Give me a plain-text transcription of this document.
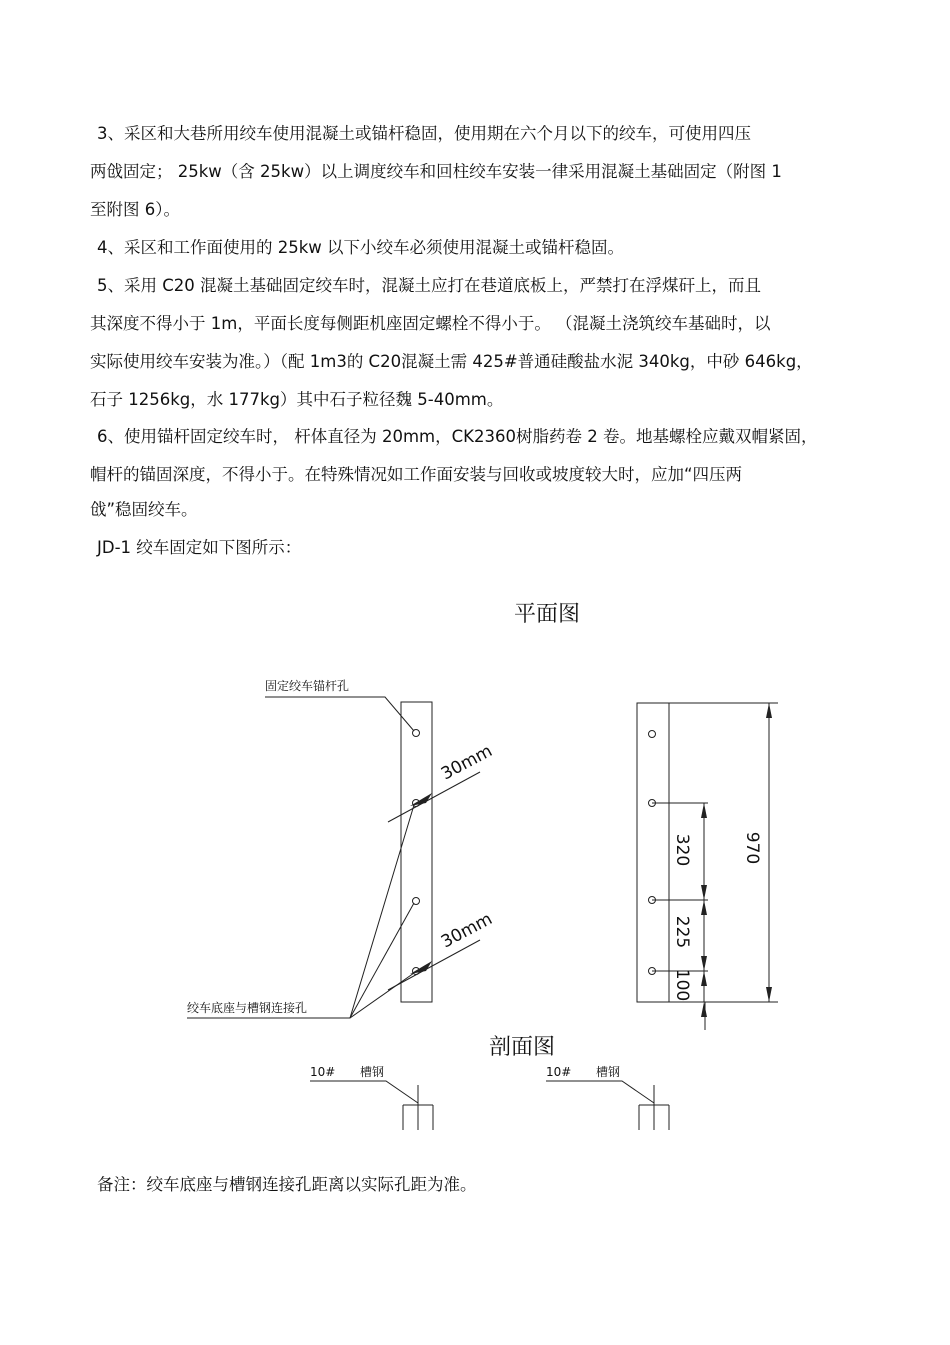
3、采区和大巷所用绞车使用混凝土或锚杆稳固，使用期在六个月以下的绞车，可使用四压
两戗固定； 25kw（含 25kw）以上调度绞车和回柱绞车安装一律采用混凝土基础固定（附图 1
至附图 6）。
4、采区和工作面使用的 25kw 以下小绞车必须使用混凝土或锚杆稳固。
5、采用 C20 混凝土基础固定绞车时，混凝土应打在巷道底板上，严禁打在浮煤矸上，而且
其深度不得小于 1m，平面长度每侧距机座固定螺栓不得小于。 （混凝土浇筑绞车基础时，以
实际使用绞车安装为准。）（配 1m3的 C20混凝土需 425#普通硅酸盐水泥 340kg，中砂 646kg，
石子 1256kg，水 177kg）其中石子粒径魏 5-40mm。
6、使用锚杆固定绞车时， 杆体直径为 20mm，CK2360树脂药卷 2 卷。地基螺栓应戴双帽紧固，
帽杆的锚固深度，不得小于。在特殊情况如工作面安装与回收或坡度较大时，应加“四压两
戗”稳固绞车。
JD-1 绞车固定如下图所示：
平面图
剖面图
固定绞车锚杆孔
绞车底座与槽钢连接孔
10# 槽钢	10# 槽钢
30mm
30mm
320
225
100
970
备注：绞车底座与槽钢连接孔距离以实际孔距为准。
